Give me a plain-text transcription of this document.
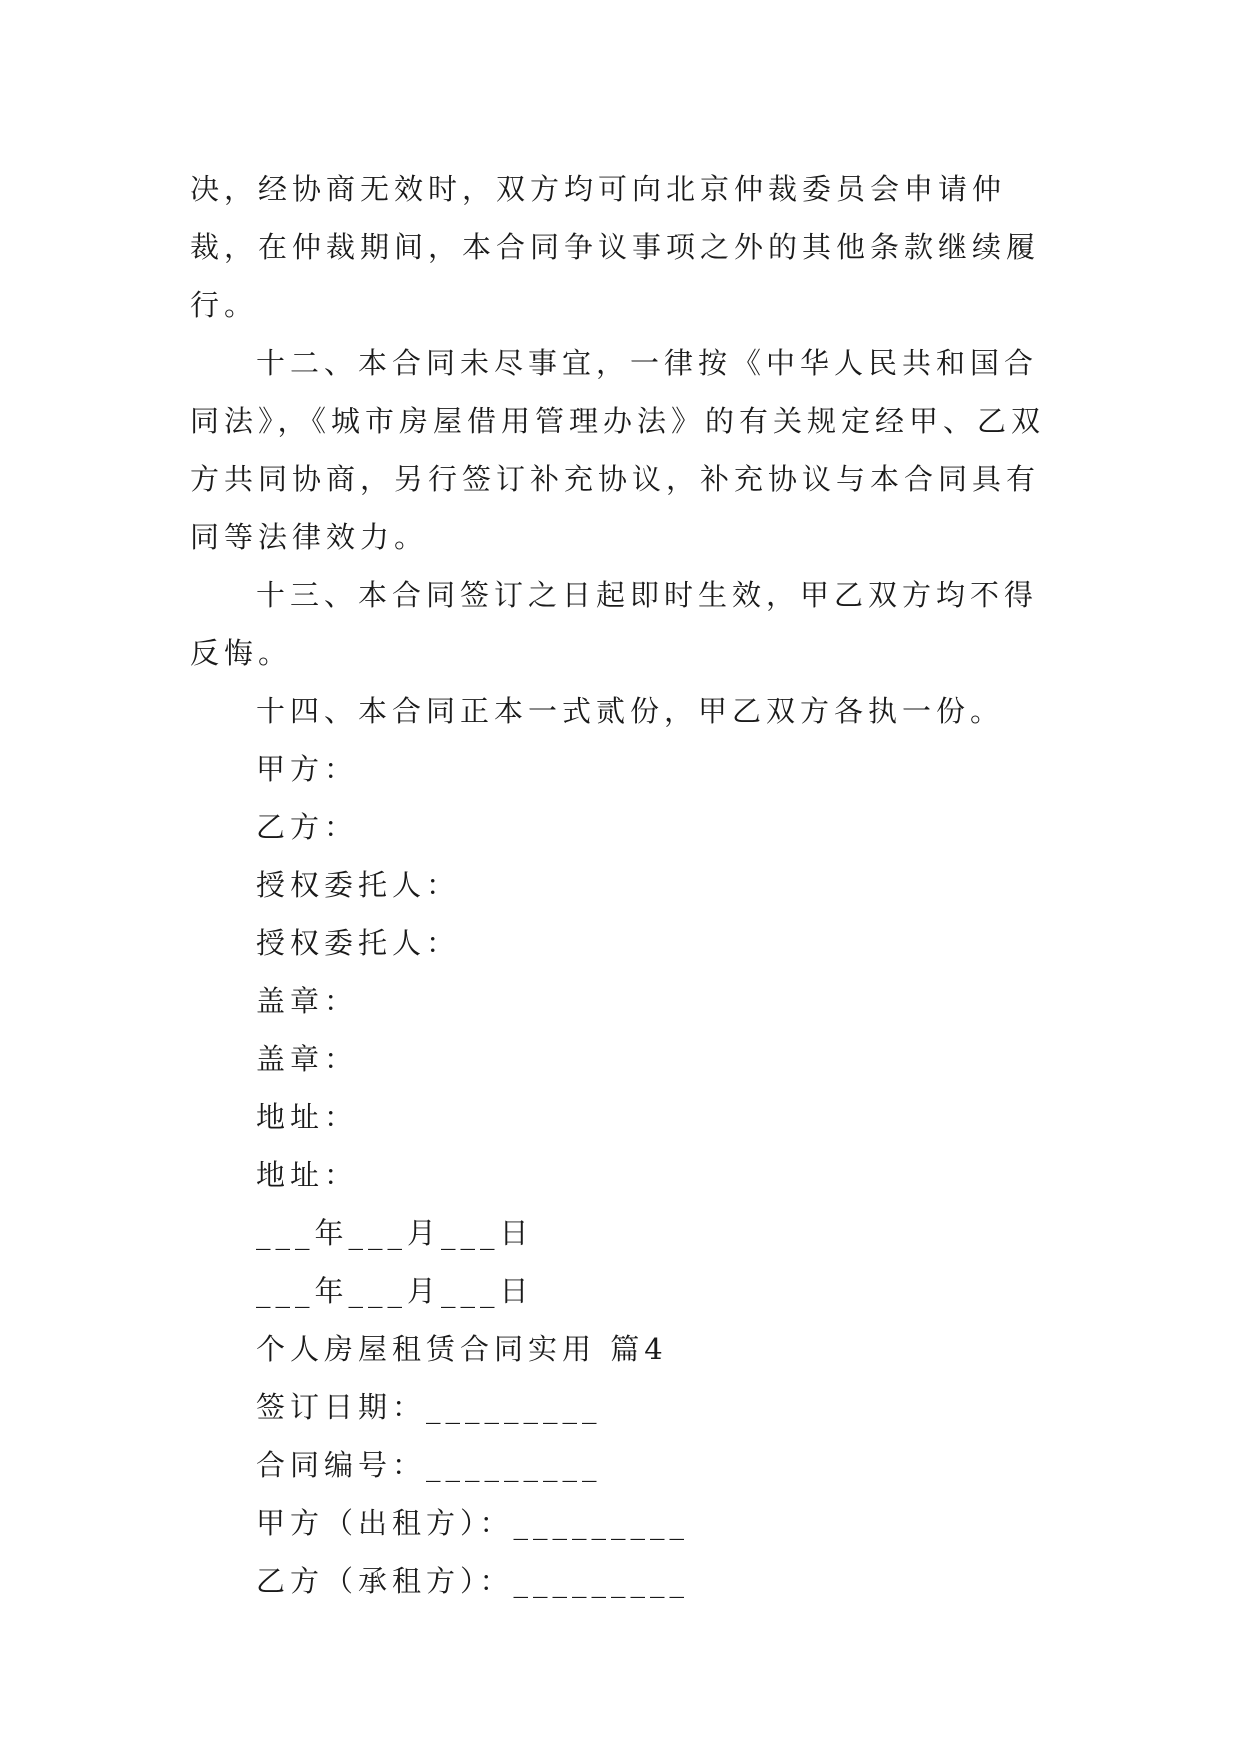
决，经协商无效时，双方均可向北京仲裁委员会申请仲裁，在仲裁期间，本合同争议事项之外的其他条款继续履行。

十二、本合同未尽事宜，一律按《中华人民共和国合同法》，《城市房屋借用管理办法》的有关规定经甲、乙双方共同协商，另行签订补充协议，补充协议与本合同具有同等法律效力。

十三、本合同签订之日起即时生效，甲乙双方均不得反悔。

十四、本合同正本一式贰份，甲乙双方各执一份。

甲方：

乙方：

授权委托人：

授权委托人：

盖章：

盖章：

地址：

地址：

___年___月___日

___年___月___日

个人房屋租赁合同实用 篇4

签订日期：_________

合同编号：_________

甲方（出租方）：_________

乙方（承租方）：_________
